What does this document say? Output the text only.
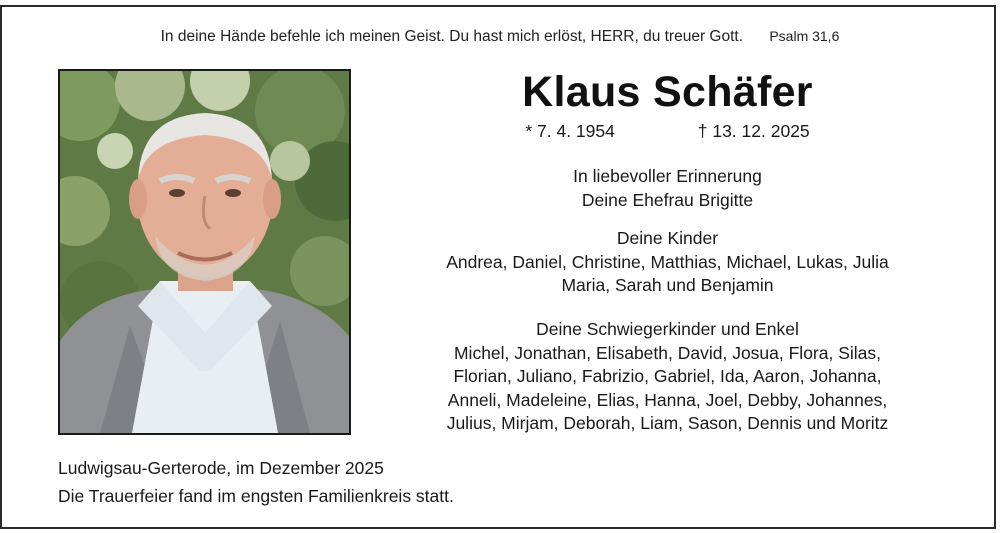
In deine Hände befehle ich meinen Geist. Du hast mich erlöst, HERR, du treuer Gott. Psalm 31,6
Klaus Schäfer
* 7. 4. 1954	† 13. 12. 2025
In liebevoller Erinnerung
Deine Ehefrau Brigitte
Deine Kinder
Andrea, Daniel, Christine, Matthias, Michael, Lukas, Julia
Maria, Sarah und Benjamin
Deine Schwiegerkinder und Enkel
Michel, Jonathan, Elisabeth, David, Josua, Flora, Silas,
Florian, Juliano, Fabrizio, Gabriel, Ida, Aaron, Johanna,
Anneli, Madeleine, Elias, Hanna, Joel, Debby, Johannes,
Julius, Mirjam, Deborah, Liam, Sason, Dennis und Moritz
Ludwigsau-Gerterode, im Dezember 2025
Die Trauerfeier fand im engsten Familienkreis statt.
